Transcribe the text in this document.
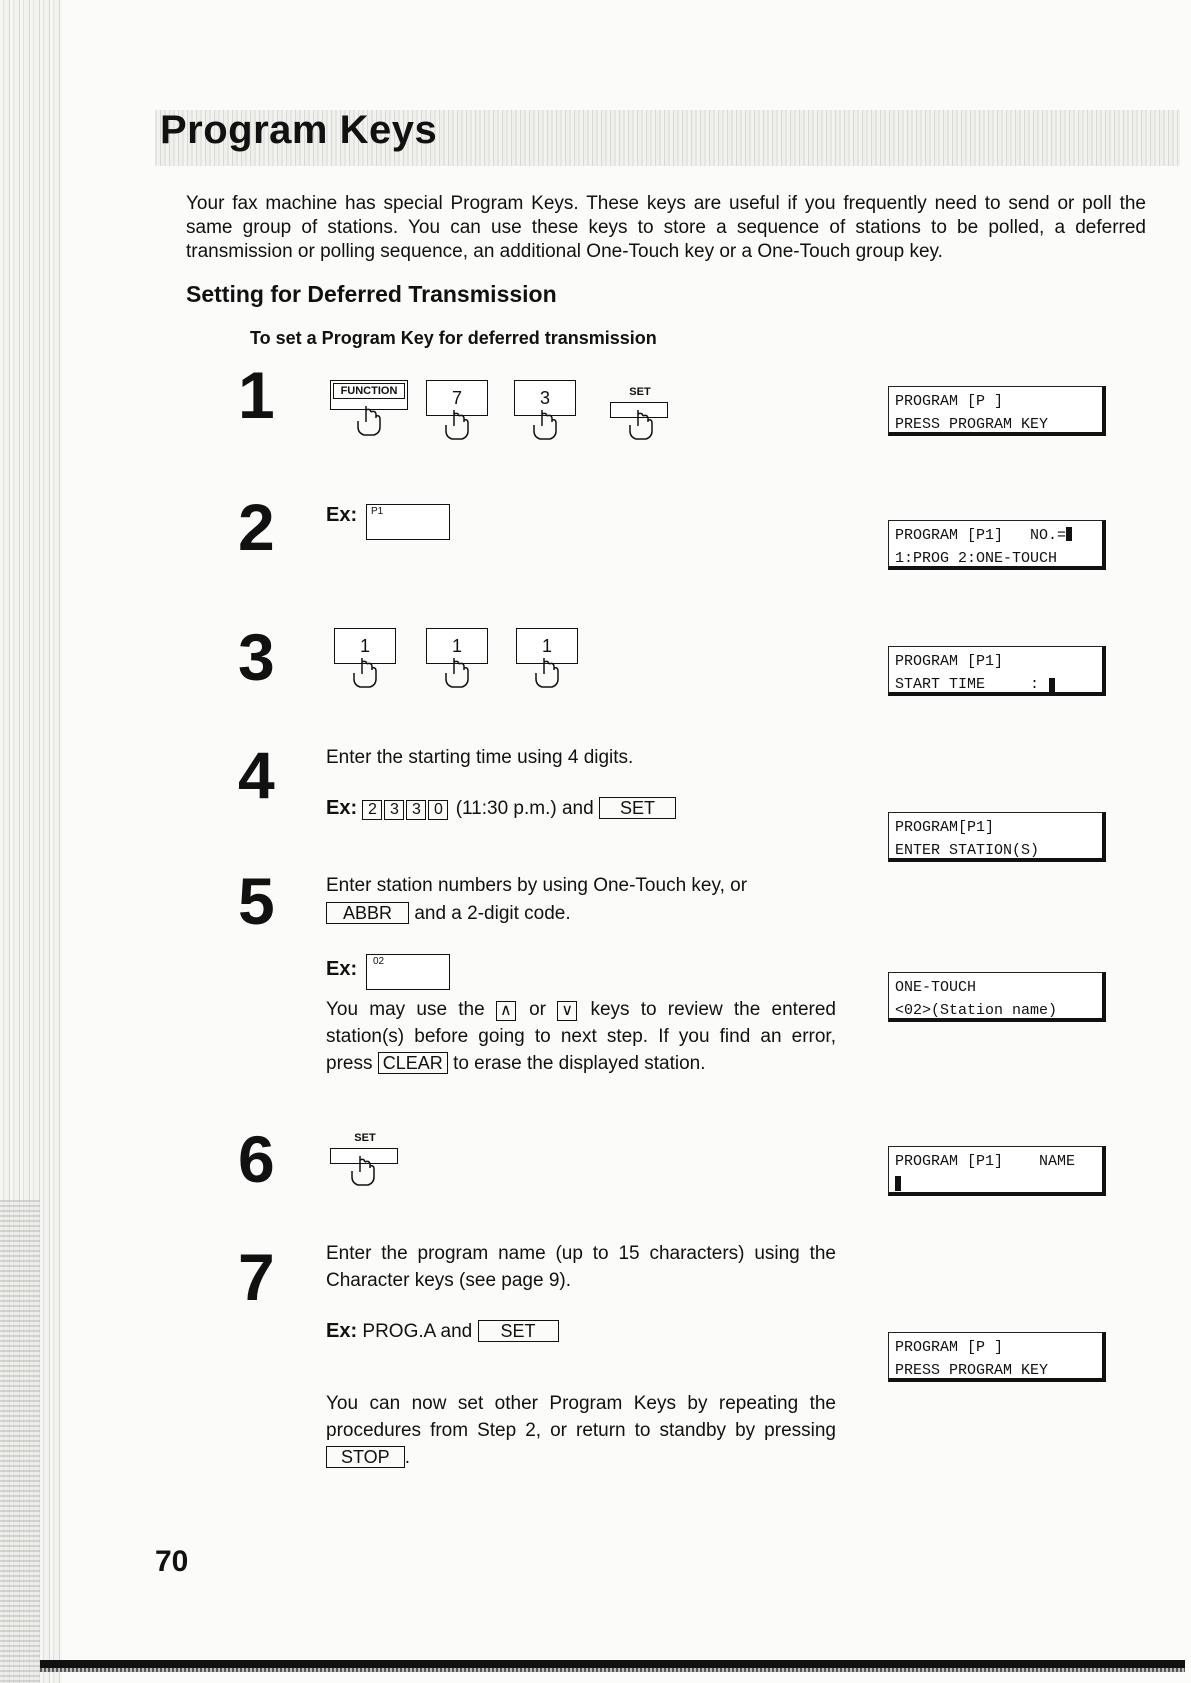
Program Keys
Your fax machine has special Program Keys. These keys are useful if you frequently need to send or poll the same group of stations. You can use these keys to store a sequence of stations to be polled, a deferred transmission or polling sequence, an additional One-Touch key or a One-Touch group key.
Setting for Deferred Transmission
To set a Program Key for deferred transmission
1	FUNCTION	7	3	SET
2	Ex:	P1
3	1	1	1
4	Enter the starting time using 4 digits.
Ex: 2 3 3 0 (11:30 p.m.) and SET
5	Enter station numbers by using One-Touch key, or
ABBR and a 2-digit code.
Ex:	02
You may use the ∧ or ∨ keys to review the entered station(s) before going to next step. If you find an error, press CLEAR to erase the displayed station.
6	SET
7	Enter the program name (up to 15 characters) using the Character keys (see page 9).
Ex: PROG.A and SET
You can now set other Program Keys by repeating the procedures from Step 2, or return to standby by pressing STOP .
PROGRAM [P ]
PRESS PROGRAM KEY
PROGRAM [P1]   NO.=
1:PROG 2:ONE-TOUCH
PROGRAM [P1]
START TIME     :
PROGRAM[P1]
ENTER STATION(S)
ONE-TOUCH
<02>(Station name)
PROGRAM [P1]    NAME
PROGRAM [P ]
PRESS PROGRAM KEY
70
